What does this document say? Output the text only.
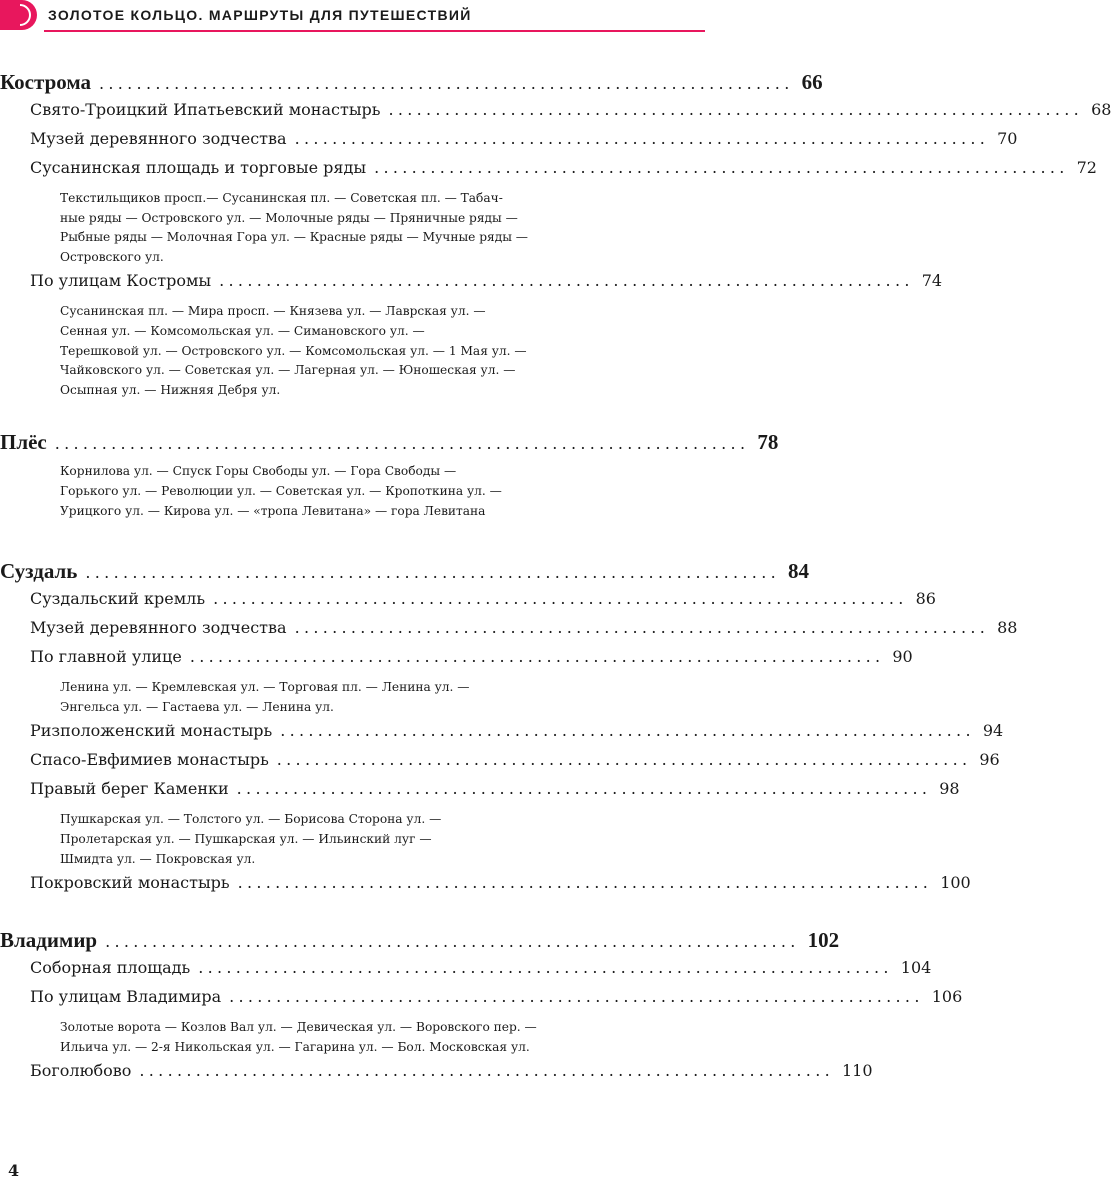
ЗОЛОТОЕ КОЛЬЦО. МАРШРУТЫ ДЛЯ ПУТЕШЕСТВИЙ
Кострома .......................................................................... 66
Свято-Троицкий Ипатьевский монастырь .......................................................................... 68
Музей деревянного зодчества .......................................................................... 70
Сусанинская площадь и торговые ряды .......................................................................... 72
Текстильщиков просп.— Сусанинская пл. — Советская пл. — Табач-
ные ряды — Островского ул. — Молочные ряды — Пряничные ряды —
Рыбные ряды — Молочная Гора ул. — Красные ряды — Мучные ряды —
Островского ул.
По улицам Костромы .......................................................................... 74
Сусанинская пл. — Мира просп. — Князева ул. — Лаврская ул. —
Сенная ул. — Комсомольская ул. — Симановского ул. —
Терешковой ул. — Островского ул. — Комсомольская ул. — 1 Мая ул. —
Чайковского ул. — Советская ул. — Лагерная ул. — Юношеская ул. —
Осыпная ул. — Нижняя Дебря ул.
Плёс .......................................................................... 78
Корнилова ул. — Спуск Горы Свободы ул. — Гора Свободы —
Горького ул. — Революции ул. — Советская ул. — Кропоткина ул. —
Урицкого ул. — Кирова ул. — «тропа Левитана» — гора Левитана
Суздаль .......................................................................... 84
Суздальский кремль .......................................................................... 86
Музей деревянного зодчества .......................................................................... 88
По главной улице .......................................................................... 90
Ленина ул. — Кремлевская ул. — Торговая пл. — Ленина ул. —
Энгельса ул. — Гастаева ул. — Ленина ул.
Ризположенский монастырь .......................................................................... 94
Спасо-Евфимиев монастырь .......................................................................... 96
Правый берег Каменки .......................................................................... 98
Пушкарская ул. — Толстого ул. — Борисова Сторона ул. —
Пролетарская ул. — Пушкарская ул. — Ильинский луг —
Шмидта ул. — Покровская ул.
Покровский монастырь .......................................................................... 100
Владимир .......................................................................... 102
Соборная площадь .......................................................................... 104
По улицам Владимира .......................................................................... 106
Золотые ворота — Козлов Вал ул. — Девическая ул. — Воровского пер. —
Ильича ул. — 2-я Никольская ул. — Гагарина ул. — Бол. Московская ул.
Боголюбово .......................................................................... 110
4
